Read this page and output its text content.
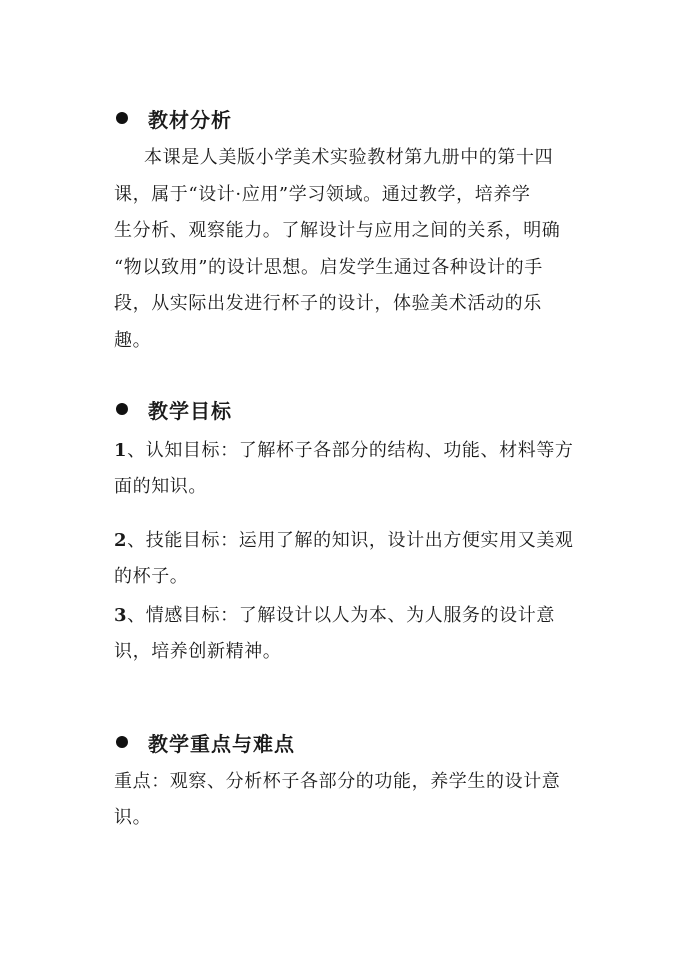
教材分析
本课是人美版小学美术实验教材第九册中的第十四
课，属于“设计·应用”学习领域。通过教学，培养学
生分析、观察能力。了解设计与应用之间的关系，明确
“物以致用”的设计思想。启发学生通过各种设计的手
段，从实际出发进行杯子的设计，体验美术活动的乐
趣。
教学目标
1、认知目标：了解杯子各部分的结构、功能、材料等方
面的知识。
2、技能目标：运用了解的知识，设计出方便实用又美观
的杯子。
3、情感目标：了解设计以人为本、为人服务的设计意
识，培养创新精神。
教学重点与难点
重点：观察、分析杯子各部分的功能，养学生的设计意
识。
